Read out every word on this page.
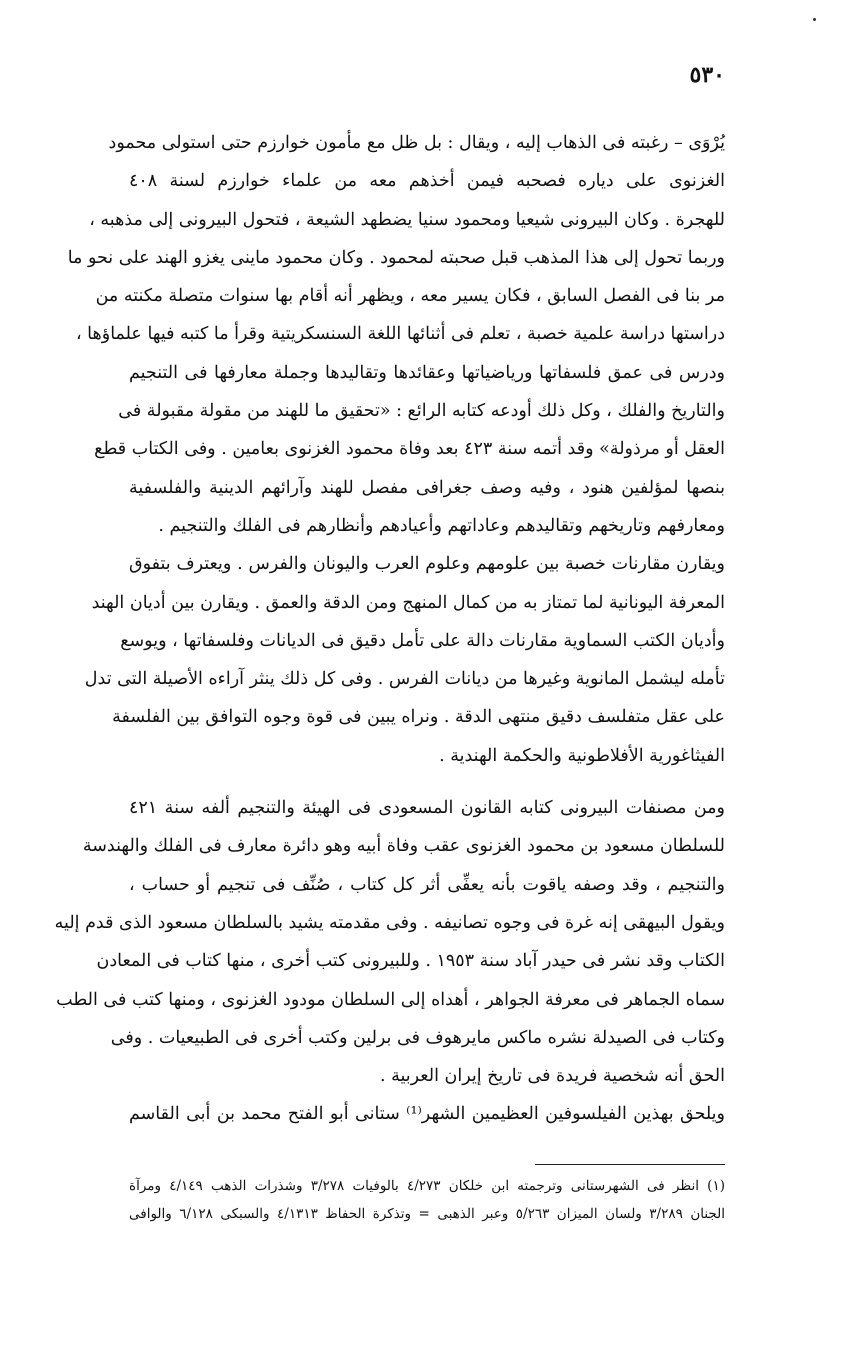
٥٣٠
يُرْوَى – رغبته فى الذهاب إليه ، ويقال : بل ظل مع مأمون خوارزم حتى استولى محمود
الغزنوى على دياره فصحبه فيمن أخذهم معه من علماء خوارزم لسنة ٤٠٨
للهجرة . وكان البيرونى شيعيا ومحمود سنيا يضطهد الشيعة ، فتحول البيرونى إلى مذهبه ،
وربما تحول إلى هذا المذهب قبل صحبته لمحمود . وكان محمود ماينى يغزو الهند على نحو ما
مر بنا فى الفصل السابق ، فكان يسير معه ، ويظهر أنه أقام بها سنوات متصلة مكنته من
دراستها دراسة علمية خصبة ، تعلم فى أثنائها اللغة السنسكريتية وقرأ ما كتبه فيها علماؤها ،
ودرس فى عمق فلسفاتها ورياضياتها وعقائدها وتقاليدها وجملة معارفها فى التنجيم
والتاريخ والفلك ، وكل ذلك أودعه كتابه الرائع : «تحقيق ما للهند من مقولة مقبولة فى
العقل أو مرذولة» وقد أتمه سنة ٤٢٣ بعد وفاة محمود الغزنوى بعامين . وفى الكتاب قطع
بنصها لمؤلفين هنود ، وفيه وصف جغرافى مفصل للهند وآرائهم الدينية والفلسفية
ومعارفهم وتاريخهم وتقاليدهم وعاداتهم وأعيادهم وأنظارهم فى الفلك والتنجيم .
ويقارن مقارنات خصبة بين علومهم وعلوم العرب واليونان والفرس . ويعترف بتفوق
المعرفة اليونانية لما تمتاز به من كمال المنهج ومن الدقة والعمق . ويقارن بين أديان الهند
وأديان الكتب السماوية مقارنات دالة على تأمل دقيق فى الديانات وفلسفاتها ، ويوسع
تأمله ليشمل المانوية وغيرها من ديانات الفرس . وفى كل ذلك ينثر آراءه الأصيلة التى تدل
على عقل متفلسف دقيق منتهى الدقة . ونراه يبين فى قوة وجوه التوافق بين الفلسفة
الفيثاغورية الأفلاطونية والحكمة الهندية .
ومن مصنفات البيرونى كتابه القانون المسعودى فى الهيئة والتنجيم ألفه سنة ٤٢١
للسلطان مسعود بن محمود الغزنوى عقب وفاة أبيه وهو دائرة معارف فى الفلك والهندسة
والتنجيم ، وقد وصفه ياقوت بأنه يعفِّى أثر كل كتاب ، صُنِّف فى تنجيم أو حساب ،
ويقول البيهقى إنه غرة فى وجوه تصانيفه . وفى مقدمته يشيد بالسلطان مسعود الذى قدم إليه
الكتاب وقد نشر فى حيدر آباد سنة ١٩٥٣ . وللبيرونى كتب أخرى ، منها كتاب فى المعادن
سماه الجماهر فى معرفة الجواهر ، أهداه إلى السلطان مودود الغزنوى ، ومنها كتب فى الطب
وكتاب فى الصيدلة نشره ماكس مايرهوف فى برلين وكتب أخرى فى الطبيعيات . وفى
الحق أنه شخصية فريدة فى تاريخ إيران العربية .
ويلحق بهذين الفيلسوفين العظيمين الشهر⁽¹⁾ ستانى أبو الفتح محمد بن أبى القاسم
(١) انظر فى الشهرستانى وترجمته ابن خلكان ٤/٢٧٣ بالوفيات ٣/٢٧٨ وشذرات الذهب ٤/١٤٩ ومرآة
الجنان ٣/٢٨٩ ولسان الميزان ٥/٢٦٣ وعبر الذهبى = وتذكرة الحفاظ ٤/١٣١٣ والسبكى ٦/١٢٨ والوافى
